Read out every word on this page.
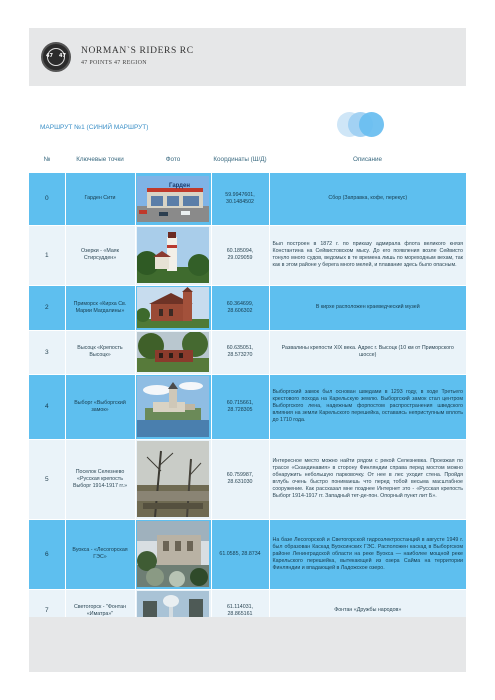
47 47 NORMAN`S RIDERS RC
47 POINTS 47 REGION
МАРШРУТ №1 (СИНИЙ МАРШРУТ)
№	Ключевые точки	Фото	Координаты (Ш/Д)	Описание
0	Гарден Сити	Гарден	59.9947601, 30.1484502	Сбор (Заправка, кофе, перекус)
1	Озерки - «Маяк Стирсудден»		60.185094, 29.029059	Был построен в 1872 г. по приказу адмирала флота великого князя Константина на Сейвистовском мысу. До его появления возле Сейвисто тонуло много судов, ведомых в те времена лишь по мореходным вехам, так как в этом районе у берега много мелей, и плавание здесь было опасным.
2	Приморск «Кирха Св. Марии Магдалины»		60.364699, 28.606302	В кирхе расположен краеведческий музей
3	Высоцк «Крепость Высоцк»		60.635051, 28.573270	Развалины крепости XIX века. Адрес г. Высоцк (10 км от Приморского шоссе)
4	Выборг «Выборгский замок»		60.715661, 28.728305	Выборгский замок был основан шведами в 1293 году, в ходе Третьего крестового похода на Карельскую землю. Выборгский замок стал центром Выборгского лена, надежным форпостом распространения шведского влияния на земли Карельского перешейка, оставаясь неприступным вплоть до 1710 года.
5	Поселок Селезнево «Русская крепость Выборг 1914-1917 гг.»		60.759987, 28.631030	Интересное место можно найти рядом с рекой Селезневка. Проезжая по трассе «Скандинавия» в сторону Финляндии справа перед мостом можно обнаружить небольшую парковочку. От нее в лес уходит стена. Пройдя вглубь очень быстро понимаешь что перед тобой весьма масштабное сооружение. Как рассказал мне позднее Интернет это - «Русская крепость Выборг 1914-1917 гг. Западный тет-де-пон. Опорный пункт лит Б».
6	Вуокса - «Лесогорская ГЭС»		61.0585, 28.8734	На базе Лесогорской и Светогорской гидроэлектростанций в августе 1949 г. был образован Каскад Вуоксинских ГЭС. Расположен каскад в Выборгском районе Ленинградской области на реке Вуокса — наиболее мощной реке Карельского перешейка, вытекающей из озера Сайма на территории Финляндии и впадающей в Ладожское озеро.
7	Светогорск - "Фонтан «Иматра»"		61.114031, 28.865161	Фонтан «Дружбы народов»
